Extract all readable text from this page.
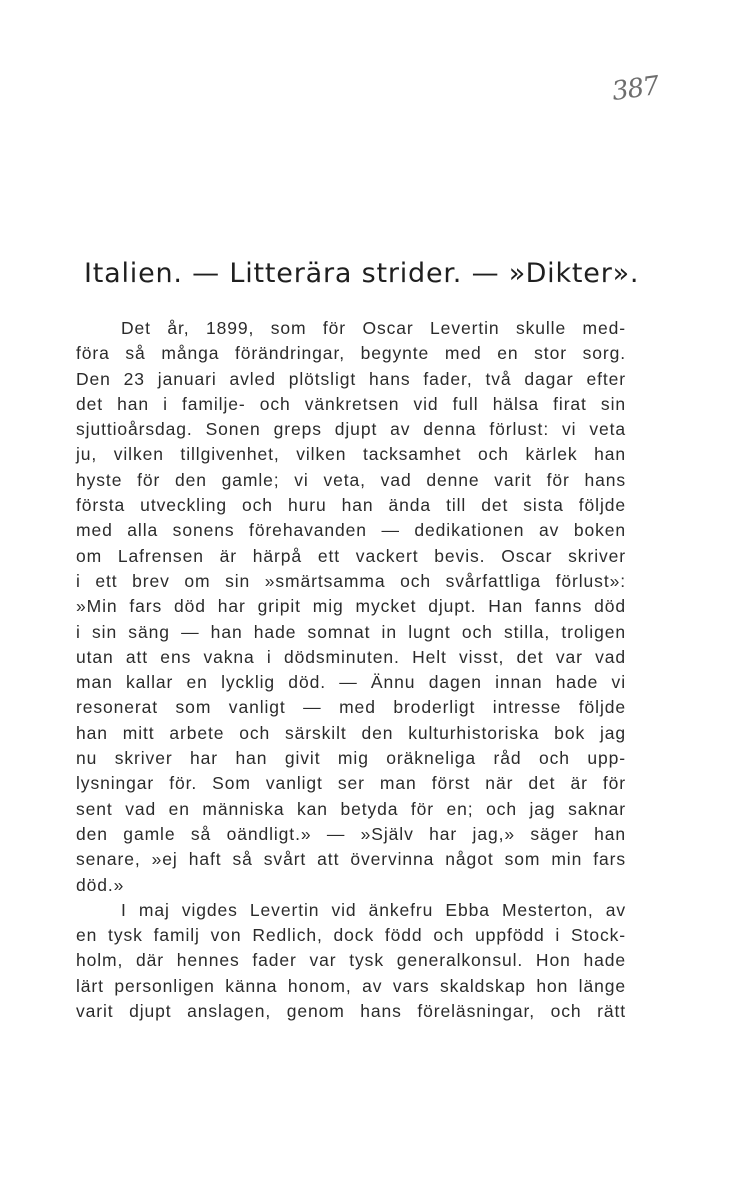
387
Italien. — Litterära strider. — »Dikter».
Det år, 1899, som för Oscar Levertin skulle med-
föra så många förändringar, begynte med en stor sorg.
Den 23 januari avled plötsligt hans fader, två dagar efter
det han i familje- och vänkretsen vid full hälsa firat sin
sjuttioårsdag. Sonen greps djupt av denna förlust: vi veta
ju, vilken tillgivenhet, vilken tacksamhet och kärlek han
hyste för den gamle; vi veta, vad denne varit för hans
första utveckling och huru han ända till det sista följde
med alla sonens förehavanden — dedikationen av boken
om Lafrensen är härpå ett vackert bevis. Oscar skriver
i ett brev om sin »smärtsamma och svårfattliga förlust»:
»Min fars död har gripit mig mycket djupt. Han fanns död
i sin säng — han hade somnat in lugnt och stilla, troligen
utan att ens vakna i dödsminuten. Helt visst, det var vad
man kallar en lycklig död. — Ännu dagen innan hade vi
resonerat som vanligt — med broderligt intresse följde
han mitt arbete och särskilt den kulturhistoriska bok jag
nu skriver har han givit mig oräkneliga råd och upp-
lysningar för. Som vanligt ser man först när det är för
sent vad en människa kan betyda för en; och jag saknar
den gamle så oändligt.» — »Själv har jag,» säger han
senare, »ej haft så svårt att övervinna något som min fars
död.»
I maj vigdes Levertin vid änkefru Ebba Mesterton, av
en tysk familj von Redlich, dock född och uppfödd i Stock-
holm, där hennes fader var tysk generalkonsul. Hon hade
lärt personligen känna honom, av vars skaldskap hon länge
varit djupt anslagen, genom hans föreläsningar, och rätt
